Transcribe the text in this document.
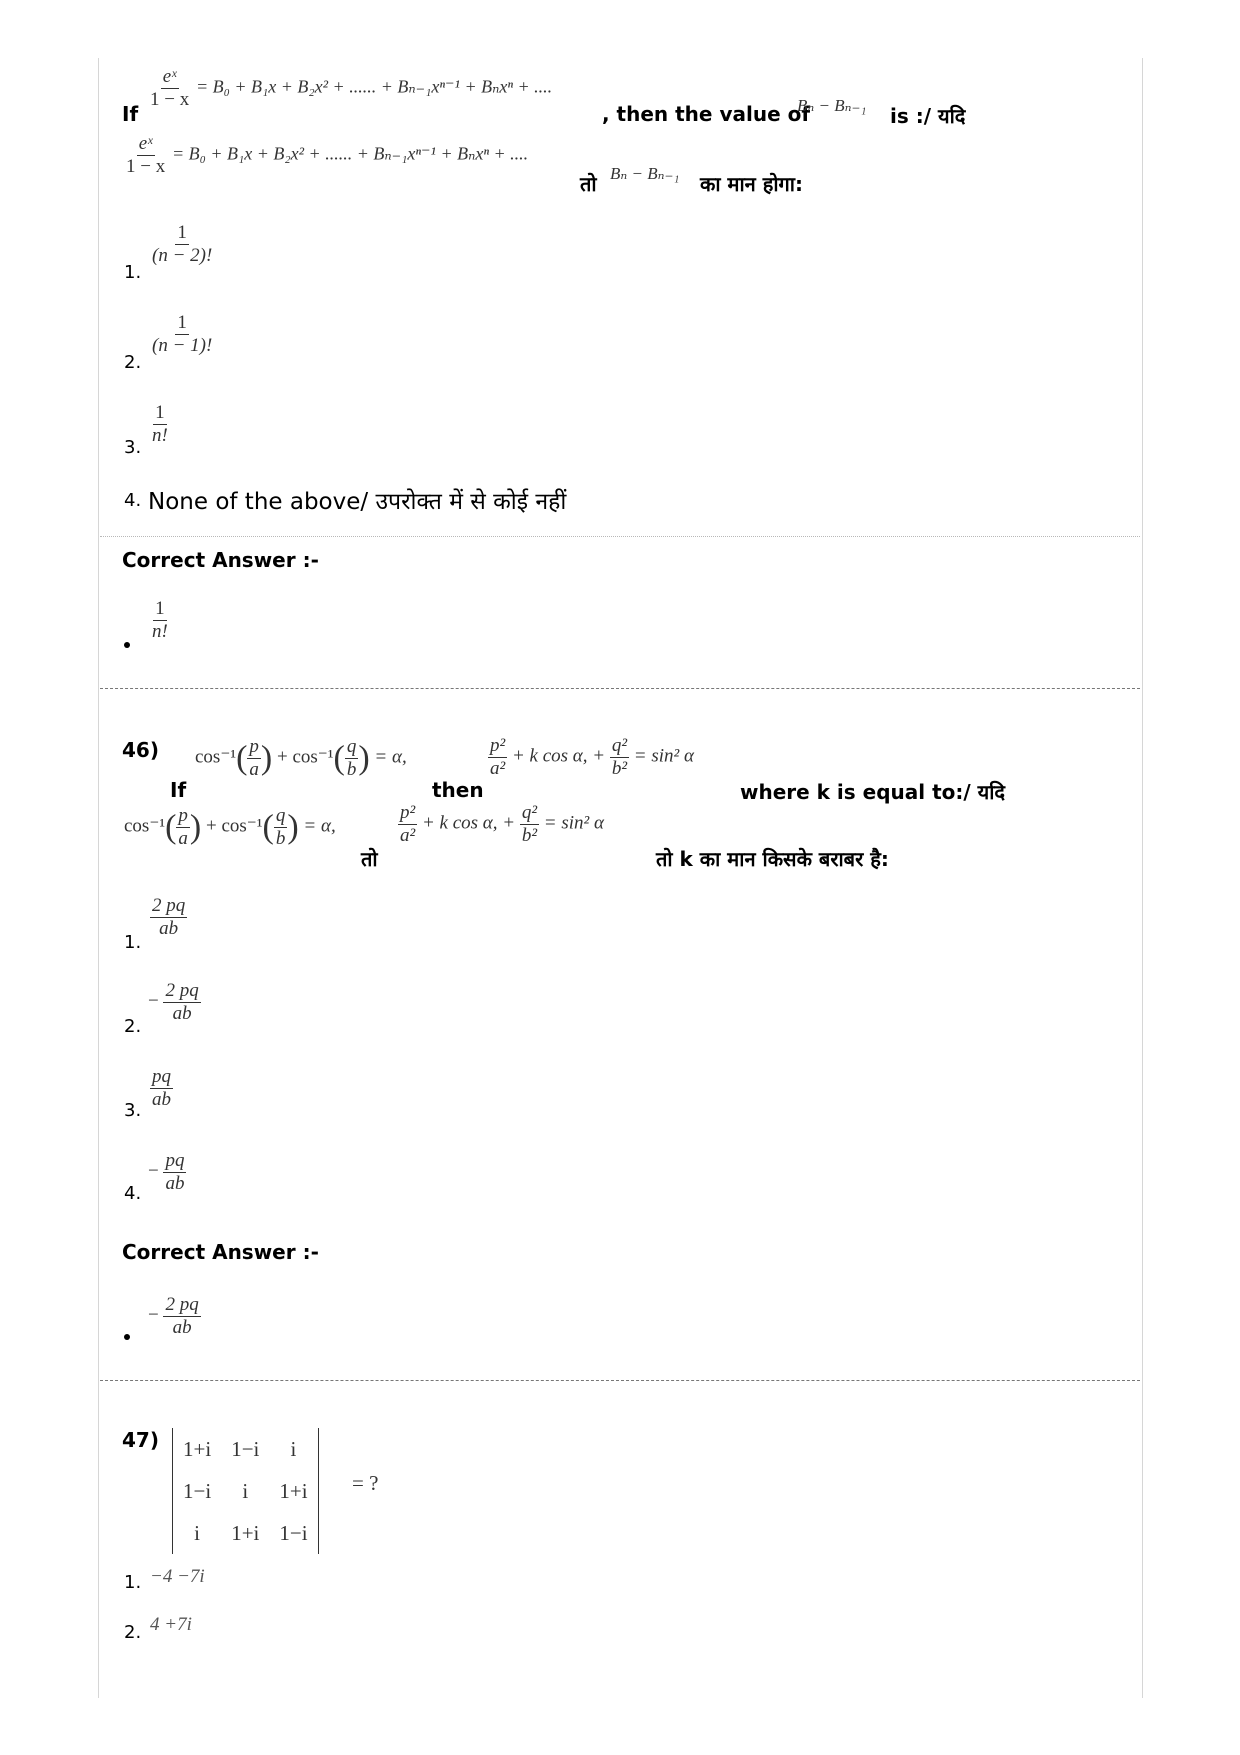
If
$\frac{\text{eˣ}}{1 - x} = B_0 + B_1x + B_2x^2$ + ...... + Bₙ₋₁xⁿ⁻¹ + Bₙxⁿ + ....
, then the value of
Bₙ − Bₙ₋₁ is :/ यदि
$\frac{\text{eˣ}}{1 - x} = B_0 + B_1x + B_2x^2$ + ...... + Bₙ₋₁xⁿ⁻¹ + Bₙxⁿ + ....
तो Bₙ − Bₙ₋₁ का मान होगा:
1.
$\frac{1}{(n - 2)!}$
2.
$\frac{1}{(n - 1)!}$
3.
$\frac{1}{n!}$
4. None of the above/ उपरोक्त में से कोई नहीं
Correct Answer :-
$\frac{1}{n!}$
46)
If
$\cos^{-1}( \frac{p}{a}$ ) + $\cos^{-1}( \frac{q}{b}$ ) = α,
then
$\frac{\text{p²}}{\text{a²}} + k$ cos α, + $\frac{\text{q²}}{\text{b²}} = \sin^2$ α
where k is equal to:/ यदि
$\cos^{-1}( \frac{p}{a}$ ) + $\cos^{-1}( \frac{q}{b}$ ) = α,
तो
$\frac{\text{p²}}{\text{a²}} + k$ cos α, + $\frac{\text{q²}}{\text{b²}} = \sin^2$ α
तो k का मान किसके बराबर है:
1.
$\frac{2 pq}{ab}$
2.
− $\frac{2 pq}{ab}$
3. $\frac{pq}{ab}$
4.
− $\frac{pq}{ab}$
Correct Answer :-
− $\frac{2 pq}{ab}$
47) 1+i	1−i	i
1−i	i	1+i
i	1+i	1−i
= ?
1. −4 −7i
2. 4 +7i
